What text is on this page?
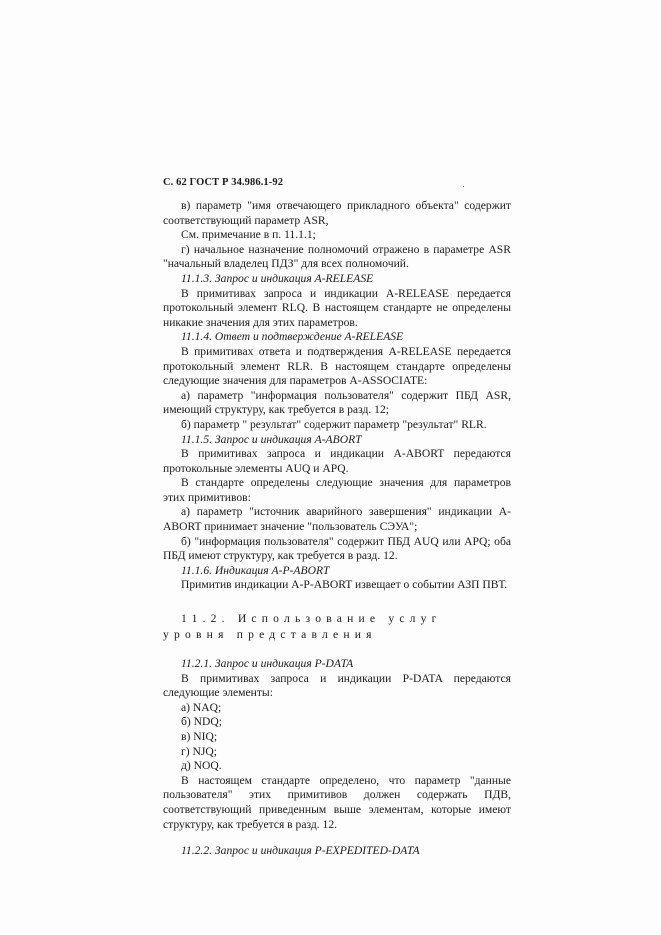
С. 62 ГОСТ Р 34.986.1-92

в) параметр "имя отвечающего прикладного объекта" содержит соответствующий параметр ASR,

См. примечание в п. 11.1.1;

г) начальное назначение полномочий отражено в параметре ASR "начальный владелец ПДЗ" для всех полномочий.

11.1.3. Запрос и индикация A-RELEASE

В примитивах запроса и индикации A-RELEASE передается протокольный элемент RLQ. В настоящем стандарте не определены никакие значения для этих параметров.

11.1.4. Ответ и подтверждение A-RELEASE

В примитивах ответа и подтверждения A-RELEASE передается протокольный элемент RLR. В настоящем стандарте определены следующие значения для параметров A-ASSOCIATE:

а) параметр "информация пользователя" содержит ПБД ASR, имеющий структуру, как требуется в разд. 12;

б) параметр " результат" содержит параметр "результат" RLR.

11.1.5. Запрос и индикация A-ABORT

В примитивах запроса и индикации A-ABORT передаются протокольные элементы AUQ и APQ.

В стандарте определены следующие значения для параметров этих примитивов:

а) параметр "источник аварийного завершения" индикации A-ABORT принимает значение "пользователь СЭУА";

б) "информация пользователя" содержит ПБД AUQ или APQ; оба ПБД имеют структуру, как требуется в разд. 12.

11.1.6. Индикация A-P-ABORT

Примитив индикации A-P-ABORT извещает о событии АЗП ПВТ.

11.2. Использование услуг уровня представления

11.2.1. Запрос и индикация P-DATA

В примитивах запроса и индикации P-DATA передаются следующие элементы:

а) NAQ;

б) NDQ;

в) NIQ;

г) NJQ;

д) NOQ.

В настоящем стандарте определено, что параметр "данные пользователя" этих примитивов должен содержать ПДВ, соответствующий приведенным выше элементам, которые имеют структуру, как требуется в разд. 12.

11.2.2. Запрос и индикация P-EXPEDITED-DATA
